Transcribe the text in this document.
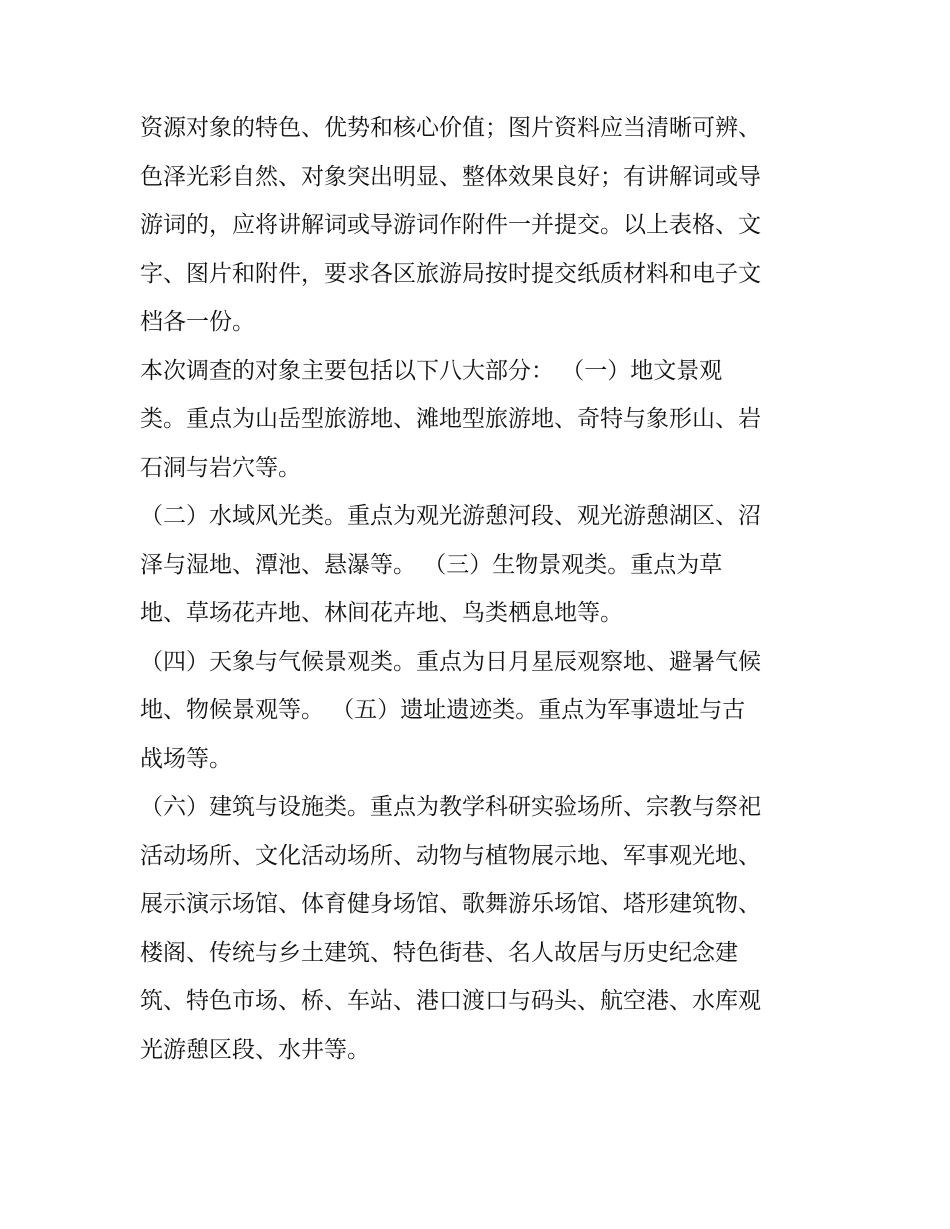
资源对象的特色、优势和核心价值；图片资料应当清晰可辨、
色泽光彩自然、对象突出明显、整体效果良好；有讲解词或导
游词的，应将讲解词或导游词作附件一并提交。以上表格、文
字、图片和附件，要求各区旅游局按时提交纸质材料和电子文
档各一份。
本次调查的对象主要包括以下八大部分： （一）地文景观
类。重点为山岳型旅游地、滩地型旅游地、奇特与象形山、岩
石洞与岩穴等。
（二）水域风光类。重点为观光游憩河段、观光游憩湖区、沼
泽与湿地、潭池、悬瀑等。 （三）生物景观类。重点为草
地、草场花卉地、林间花卉地、鸟类栖息地等。
（四）天象与气候景观类。重点为日月星辰观察地、避暑气候
地、物候景观等。 （五）遗址遗迹类。重点为军事遗址与古
战场等。
（六）建筑与设施类。重点为教学科研实验场所、宗教与祭祀
活动场所、文化活动场所、动物与植物展示地、军事观光地、
展示演示场馆、体育健身场馆、歌舞游乐场馆、塔形建筑物、
楼阁、传统与乡土建筑、特色街巷、名人故居与历史纪念建
筑、特色市场、桥、车站、港口渡口与码头、航空港、水库观
光游憩区段、水井等。
